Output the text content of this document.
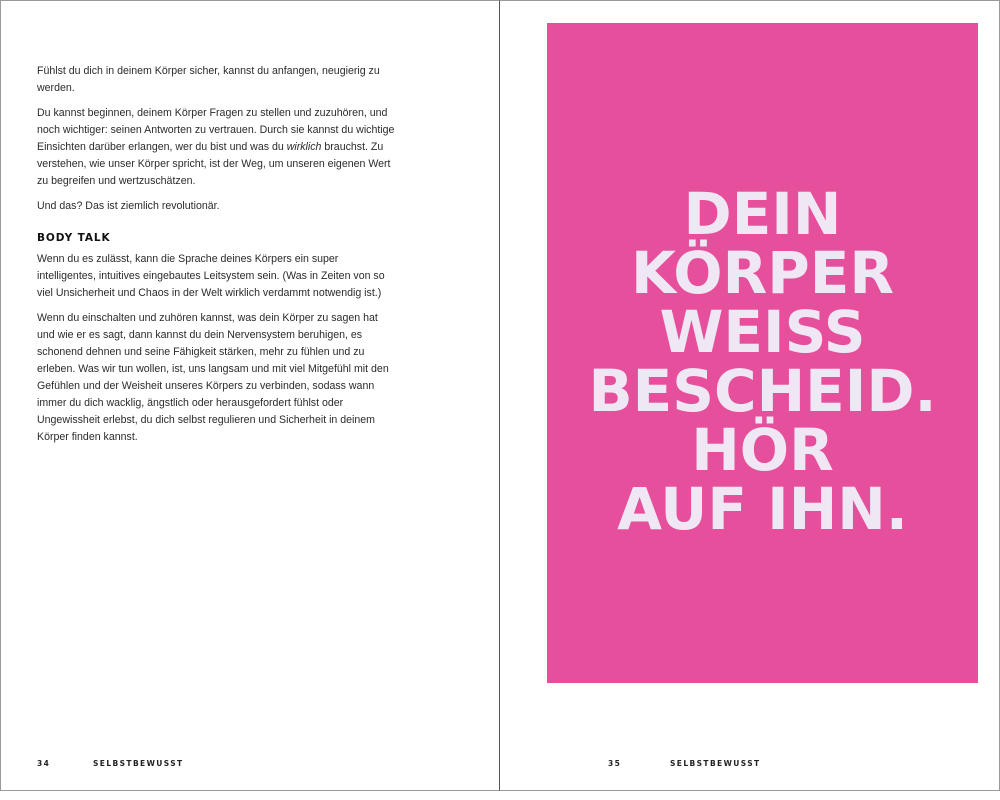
Fühlst du dich in deinem Körper sicher, kannst du anfangen, neugierig zu werden.

Du kannst beginnen, deinem Körper Fragen zu stellen und zuzuhören, und noch wichtiger: seinen Antworten zu vertrauen. Durch sie kannst du wichtige Einsichten darüber erlangen, wer du bist und was du wirklich brauchst. Zu verstehen, wie unser Körper spricht, ist der Weg, um unseren eigenen Wert zu begreifen und wertzuschätzen.

Und das? Das ist ziemlich revolutionär.

BODY TALK

Wenn du es zulässt, kann die Sprache deines Körpers ein super intelligentes, intuitives eingebautes Leitsystem sein. (Was in Zeiten von so viel Unsicherheit und Chaos in der Welt wirklich verdammt notwendig ist.)

Wenn du einschalten und zuhören kannst, was dein Körper zu sagen hat und wie er es sagt, dann kannst du dein Nervensystem beruhigen, es schonend dehnen und seine Fähigkeit stärken, mehr zu fühlen und zu erleben. Was wir tun wollen, ist, uns langsam und mit viel Mitgefühl mit den Gefühlen und der Weisheit unseres Körpers zu verbinden, sodass wann immer du dich wacklig, ängstlich oder herausgefordert fühlst oder Ungewissheit erlebst, du dich selbst regulieren und Sicherheit in deinem Körper finden kannst.

34	SELBSTBEWUSST
DEIN
KÖRPER
WEISS
BESCHEID.
HÖR
AUF IHN.
35	SELBSTBEWUSST
